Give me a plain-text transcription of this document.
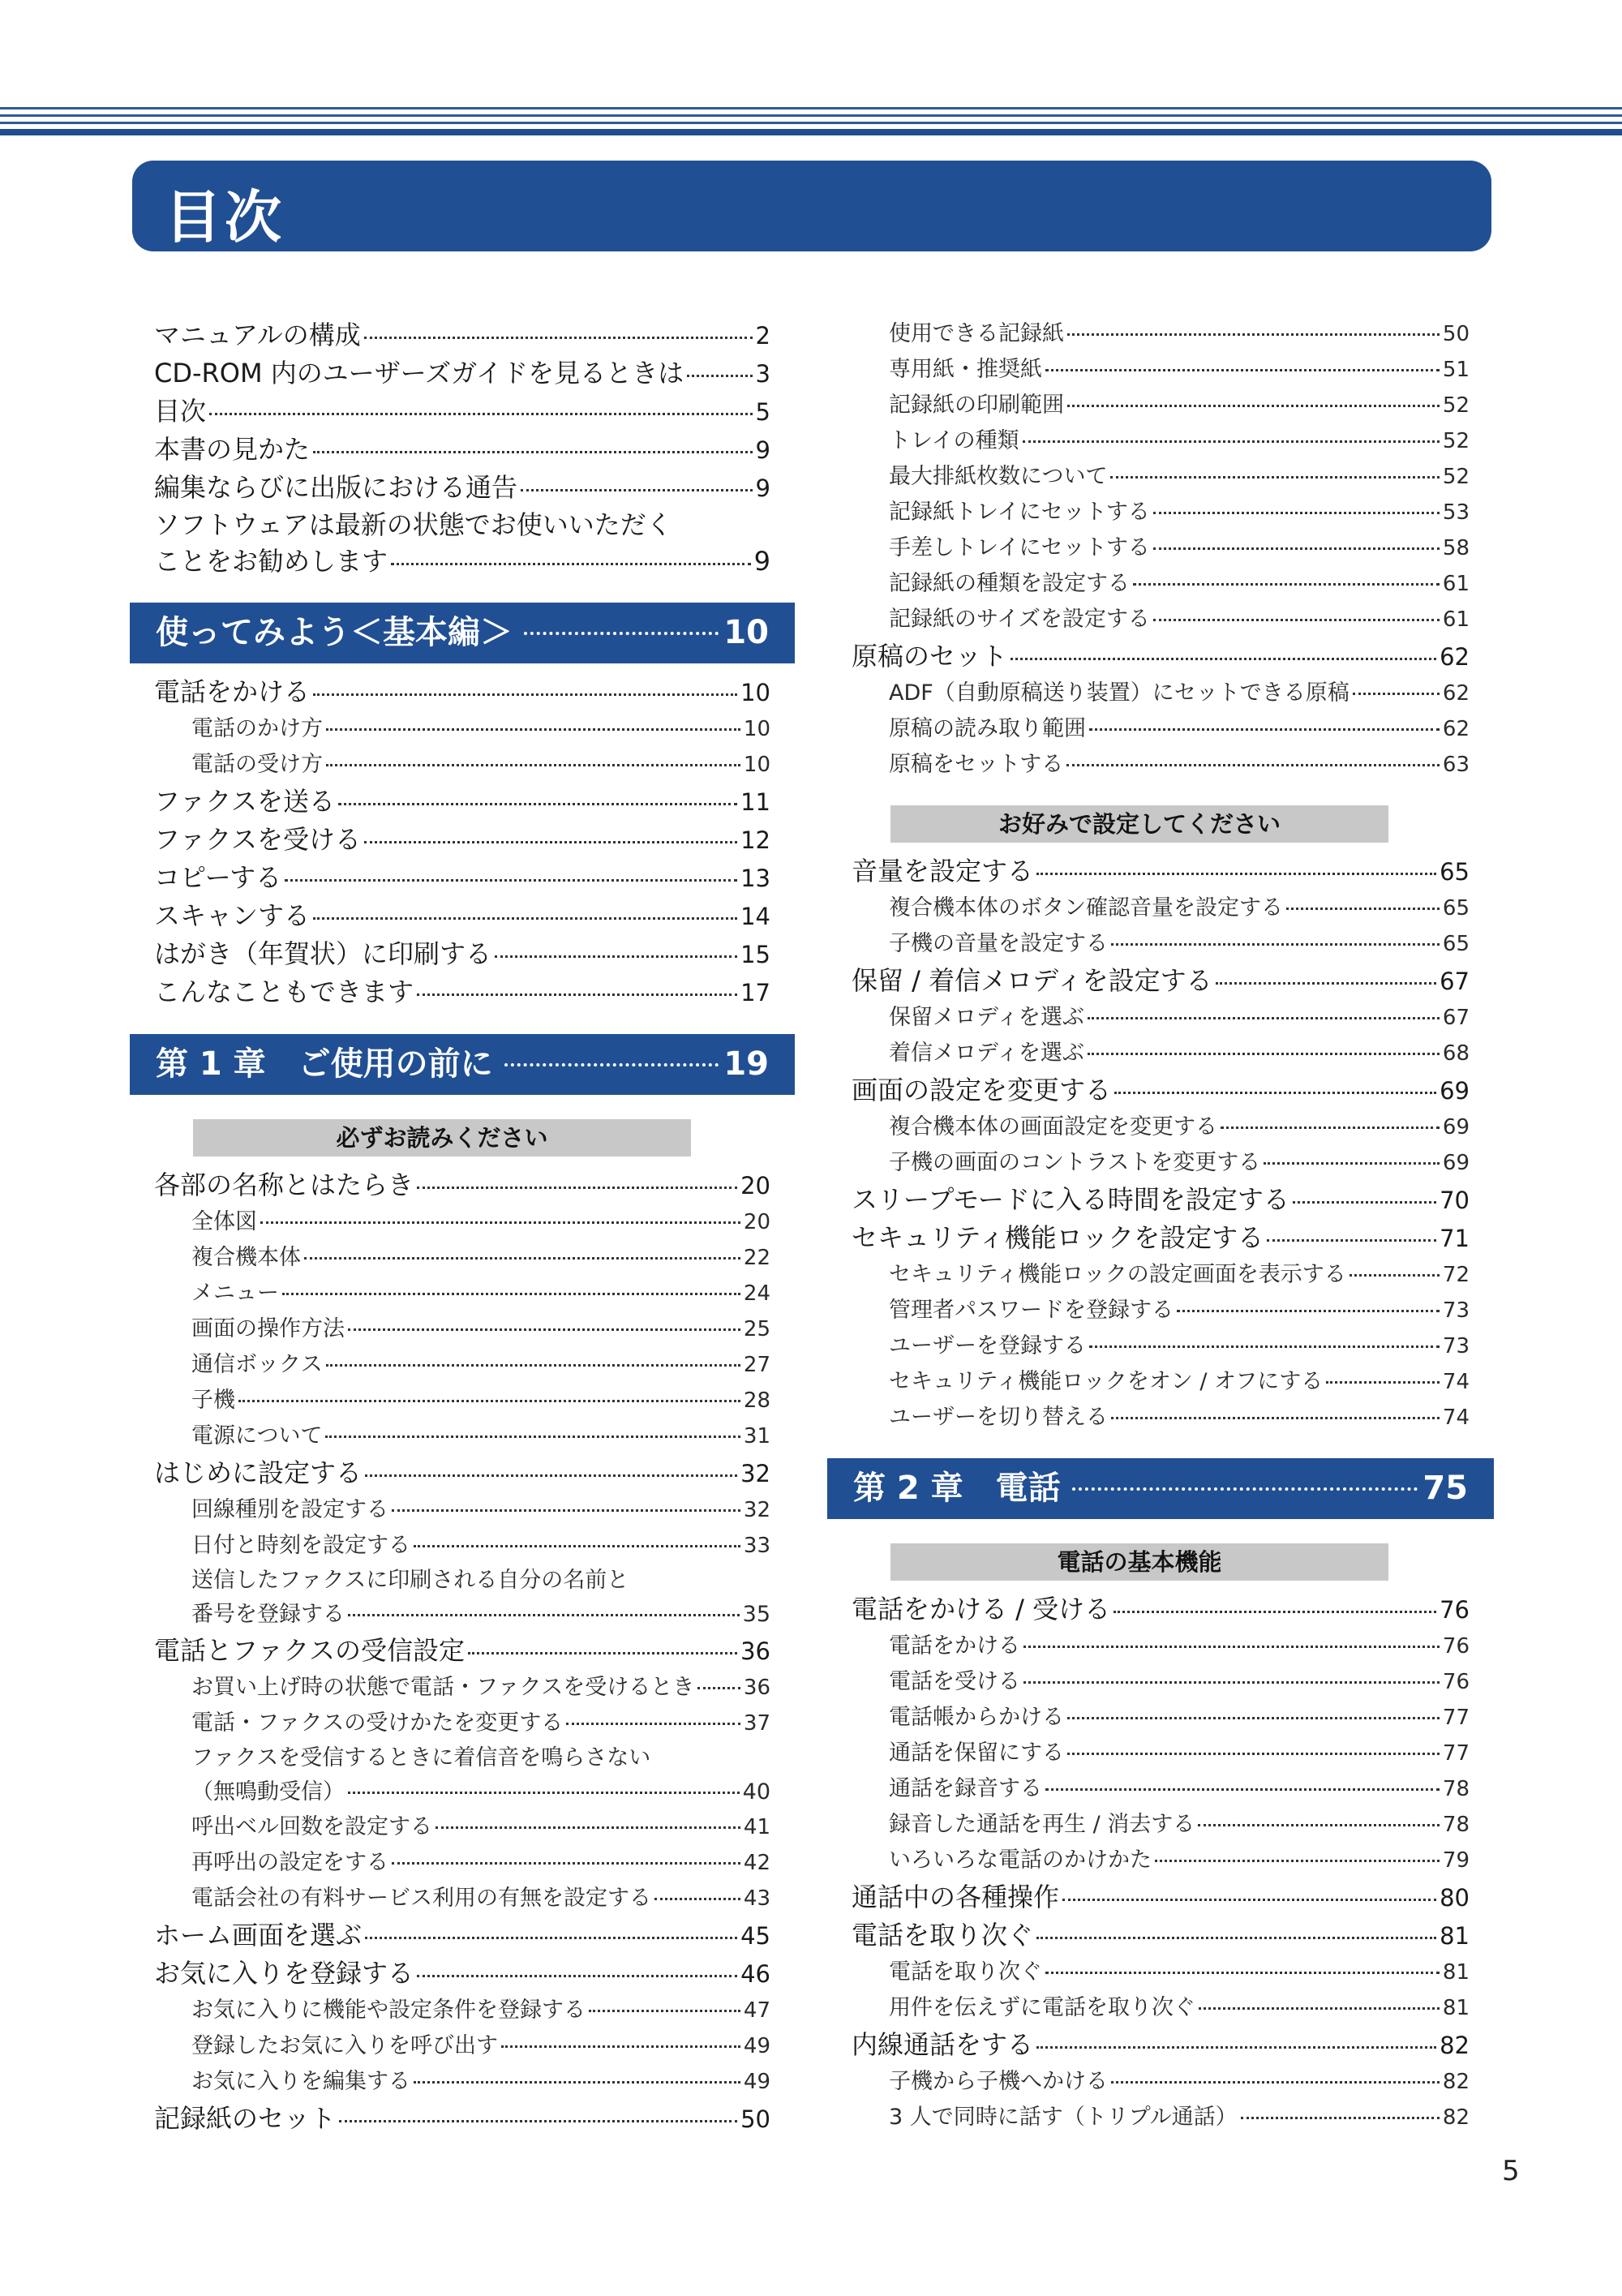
目次
マニュアルの構成	2
CD-ROM 内のユーザーズガイドを見るときは	3
目次	5
本書の見かた	9
編集ならびに出版における通告	9
ソフトウェアは最新の状態でお使いいただく
ことをお勧めします	9
使ってみよう＜基本編＞	10
電話をかける	10
電話のかけ方	10
電話の受け方	10
ファクスを送る	11
ファクスを受ける	12
コピーする	13
スキャンする	14
はがき（年賀状）に印刷する	15
こんなこともできます	17
第 1 章　ご使用の前に	19
必ずお読みください
各部の名称とはたらき	20
全体図	20
複合機本体	22
メニュー	24
画面の操作方法	25
通信ボックス	27
子機	28
電源について	31
はじめに設定する	32
回線種別を設定する	32
日付と時刻を設定する	33
送信したファクスに印刷される自分の名前と
番号を登録する	35
電話とファクスの受信設定	36
お買い上げ時の状態で電話・ファクスを受けるとき 36
電話・ファクスの受けかたを変更する	37
ファクスを受信するときに着信音を鳴らさない
（無鳴動受信）	40
呼出ベル回数を設定する	41
再呼出の設定をする	42
電話会社の有料サービス利用の有無を設定する	43
ホーム画面を選ぶ	45
お気に入りを登録する	46
お気に入りに機能や設定条件を登録する	47
登録したお気に入りを呼び出す	49
お気に入りを編集する	49
記録紙のセット	50
使用できる記録紙	50
専用紙・推奨紙	51
記録紙の印刷範囲	52
トレイの種類	52
最大排紙枚数について	52
記録紙トレイにセットする	53
手差しトレイにセットする	58
記録紙の種類を設定する	61
記録紙のサイズを設定する	61
原稿のセット	62
ADF（自動原稿送り装置）にセットできる原稿	62
原稿の読み取り範囲	62
原稿をセットする	63
お好みで設定してください
音量を設定する	65
複合機本体のボタン確認音量を設定する	65
子機の音量を設定する	65
保留 / 着信メロディを設定する	67
保留メロディを選ぶ	67
着信メロディを選ぶ	68
画面の設定を変更する	69
複合機本体の画面設定を変更する	69
子機の画面のコントラストを変更する	69
スリープモードに入る時間を設定する	70
セキュリティ機能ロックを設定する	71
セキュリティ機能ロックの設定画面を表示する	72
管理者パスワードを登録する	73
ユーザーを登録する	73
セキュリティ機能ロックをオン / オフにする	74
ユーザーを切り替える	74
第 2 章　電話	75
電話の基本機能
電話をかける / 受ける	76
電話をかける	76
電話を受ける	76
電話帳からかける	77
通話を保留にする	77
通話を録音する	78
録音した通話を再生 / 消去する	78
いろいろな電話のかけかた	79
通話中の各種操作	80
電話を取り次ぐ	81
電話を取り次ぐ	81
用件を伝えずに電話を取り次ぐ	81
内線通話をする	82
子機から子機へかける	82
3 人で同時に話す（トリプル通話）	82
5
